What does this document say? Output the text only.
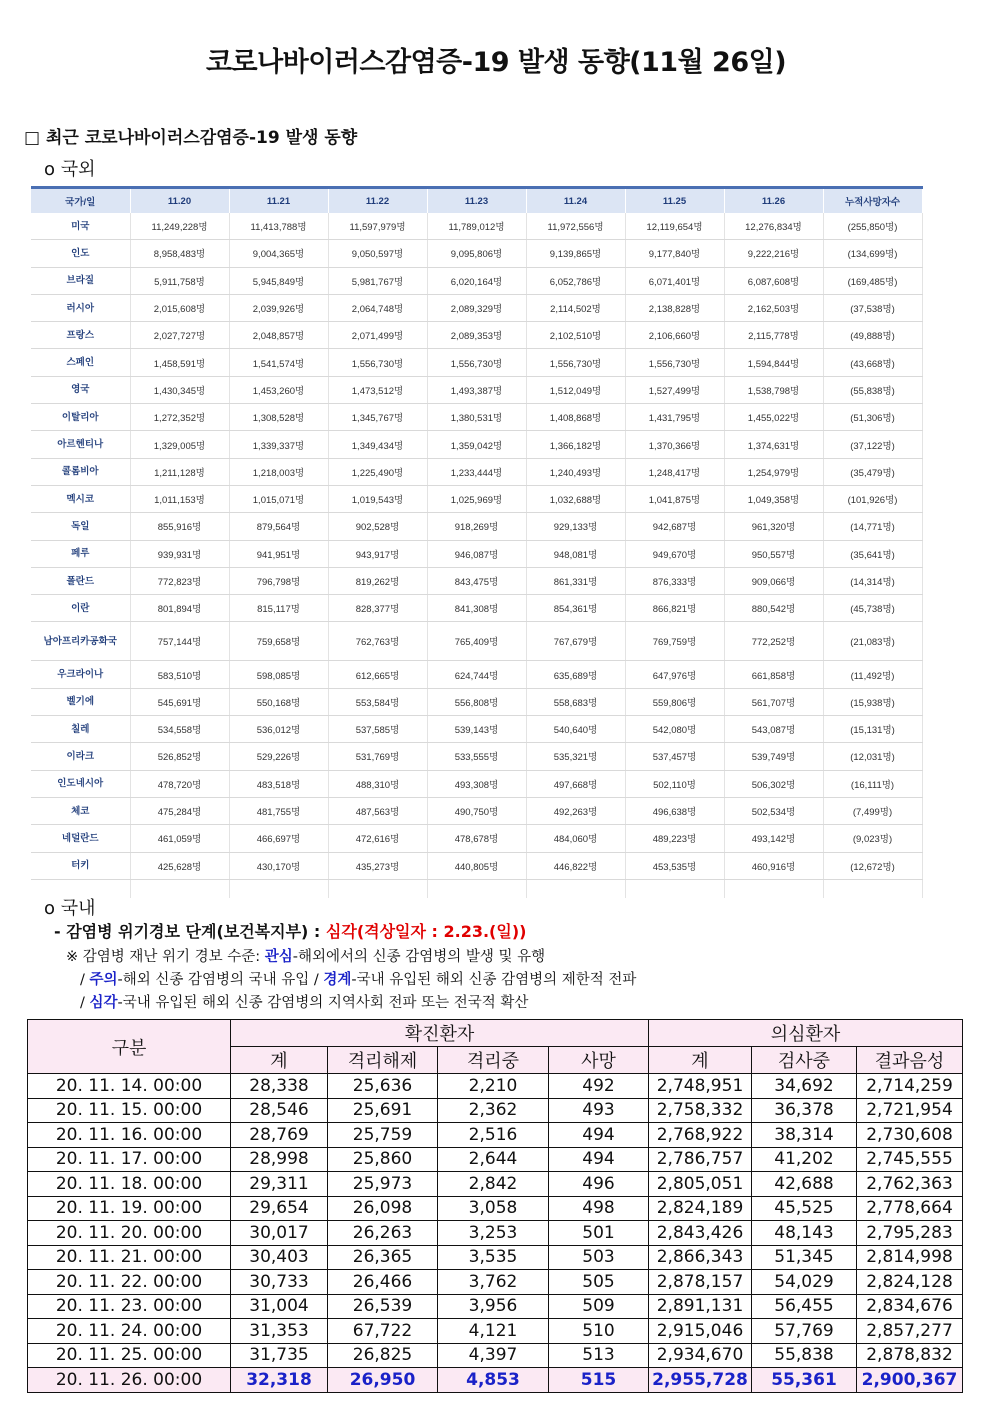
코로나바이러스감염증-19 발생 동향(11월 26일)
□ 최근 코로나바이러스감염증-19 발생 동향
o 국외
국가/일	11.20	11.21	11.22	11.23	11.24	11.25	11.26	누적사망자수
미국	11,249,228명	11,413,788명	11,597,979명	11,789,012명	11,972,556명	12,119,654명	12,276,834명	(255,850명)
인도	8,958,483명	9,004,365명	9,050,597명	9,095,806명	9,139,865명	9,177,840명	9,222,216명	(134,699명)
브라질	5,911,758명	5,945,849명	5,981,767명	6,020,164명	6,052,786명	6,071,401명	6,087,608명	(169,485명)
러시아	2,015,608명	2,039,926명	2,064,748명	2,089,329명	2,114,502명	2,138,828명	2,162,503명	(37,538명)
프랑스	2,027,727명	2,048,857명	2,071,499명	2,089,353명	2,102,510명	2,106,660명	2,115,778명	(49,888명)
스페인	1,458,591명	1,541,574명	1,556,730명	1,556,730명	1,556,730명	1,556,730명	1,594,844명	(43,668명)
영국	1,430,345명	1,453,260명	1,473,512명	1,493,387명	1,512,049명	1,527,499명	1,538,798명	(55,838명)
이탈리아	1,272,352명	1,308,528명	1,345,767명	1,380,531명	1,408,868명	1,431,795명	1,455,022명	(51,306명)
아르헨티나	1,329,005명	1,339,337명	1,349,434명	1,359,042명	1,366,182명	1,370,366명	1,374,631명	(37,122명)
콜롬비아	1,211,128명	1,218,003명	1,225,490명	1,233,444명	1,240,493명	1,248,417명	1,254,979명	(35,479명)
멕시코	1,011,153명	1,015,071명	1,019,543명	1,025,969명	1,032,688명	1,041,875명	1,049,358명	(101,926명)
독일	855,916명	879,564명	902,528명	918,269명	929,133명	942,687명	961,320명	(14,771명)
페루	939,931명	941,951명	943,917명	946,087명	948,081명	949,670명	950,557명	(35,641명)
폴란드	772,823명	796,798명	819,262명	843,475명	861,331명	876,333명	909,066명	(14,314명)
이란	801,894명	815,117명	828,377명	841,308명	854,361명	866,821명	880,542명	(45,738명)
남아프리카공화국	757,144명	759,658명	762,763명	765,409명	767,679명	769,759명	772,252명	(21,083명)
우크라이나	583,510명	598,085명	612,665명	624,744명	635,689명	647,976명	661,858명	(11,492명)
벨기에	545,691명	550,168명	553,584명	556,808명	558,683명	559,806명	561,707명	(15,938명)
칠레	534,558명	536,012명	537,585명	539,143명	540,640명	542,080명	543,087명	(15,131명)
이라크	526,852명	529,226명	531,769명	533,555명	535,321명	537,457명	539,749명	(12,031명)
인도네시아	478,720명	483,518명	488,310명	493,308명	497,668명	502,110명	506,302명	(16,111명)
체코	475,284명	481,755명	487,563명	490,750명	492,263명	496,638명	502,534명	(7,499명)
네덜란드	461,059명	466,697명	472,616명	478,678명	484,060명	489,223명	493,142명	(9,023명)
터키	425,628명	430,170명	435,273명	440,805명	446,822명	453,535명	460,916명	(12,672명)

o 국내
- 감염병 위기경보 단계(보건복지부) : 심각(격상일자 : 2.23.(일))
※ 감염병 재난 위기 경보 수준: 관심-해외에서의 신종 감염병의 발생 및 유행
/ 주의-해외 신종 감염병의 국내 유입 / 경계-국내 유입된 해외 신종 감염병의 제한적 전파
/ 심각-국내 유입된 해외 신종 감염병의 지역사회 전파 또는 전국적 확산
구분	확진환자				의심환자		
	계	격리해제	격리중	사망	계	검사중	결과음성
20. 11. 14. 00:00	28,338	25,636	2,210	492	2,748,951	34,692	2,714,259
20. 11. 15. 00:00	28,546	25,691	2,362	493	2,758,332	36,378	2,721,954
20. 11. 16. 00:00	28,769	25,759	2,516	494	2,768,922	38,314	2,730,608
20. 11. 17. 00:00	28,998	25,860	2,644	494	2,786,757	41,202	2,745,555
20. 11. 18. 00:00	29,311	25,973	2,842	496	2,805,051	42,688	2,762,363
20. 11. 19. 00:00	29,654	26,098	3,058	498	2,824,189	45,525	2,778,664
20. 11. 20. 00:00	30,017	26,263	3,253	501	2,843,426	48,143	2,795,283
20. 11. 21. 00:00	30,403	26,365	3,535	503	2,866,343	51,345	2,814,998
20. 11. 22. 00:00	30,733	26,466	3,762	505	2,878,157	54,029	2,824,128
20. 11. 23. 00:00	31,004	26,539	3,956	509	2,891,131	56,455	2,834,676
20. 11. 24. 00:00	31,353	67,722	4,121	510	2,915,046	57,769	2,857,277
20. 11. 25. 00:00	31,735	26,825	4,397	513	2,934,670	55,838	2,878,832
20. 11. 26. 00:00	32,318	26,950	4,853	515	2,955,728	55,361	2,900,367
